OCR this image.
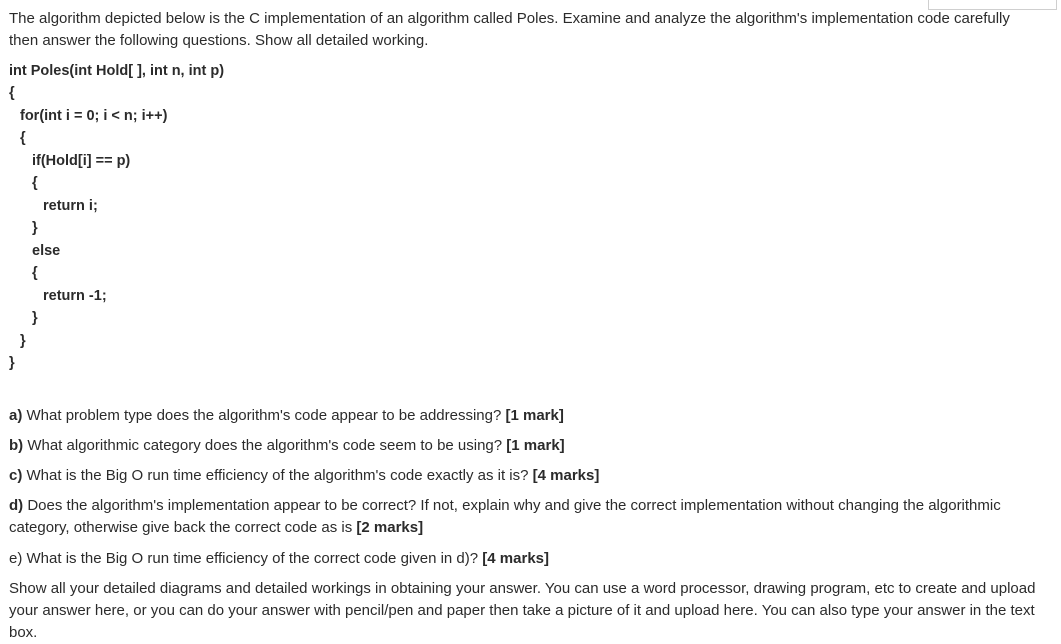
The algorithm depicted below is the C implementation of an algorithm called Poles. Examine and analyze the algorithm's implementation code carefully then answer the following questions. Show all detailed working.

int Poles(int Hold[ ], int n, int p)
{
for(int i = 0; i < n; i++)
{
if(Hold[i] == p)
{
return i;
}
else
{
return -1;
}
}
}

a) What problem type does the algorithm's code appear to be addressing? [1 mark]

b) What algorithmic category does the algorithm's code seem to be using? [1 mark]

c) What is the Big O run time efficiency of the algorithm's code exactly as it is? [4 marks]

d) Does the algorithm's implementation appear to be correct? If not, explain why and give the correct implementation without changing the algorithmic category, otherwise give back the correct code as is [2 marks]

e) What is the Big O run time efficiency of the correct code given in d)? [4 marks]

Show all your detailed diagrams and detailed workings in obtaining your answer. You can use a word processor, drawing program, etc to create and upload your answer here, or you can do your answer with pencil/pen and paper then take a picture of it and upload here. You can also type your answer in the text box.
